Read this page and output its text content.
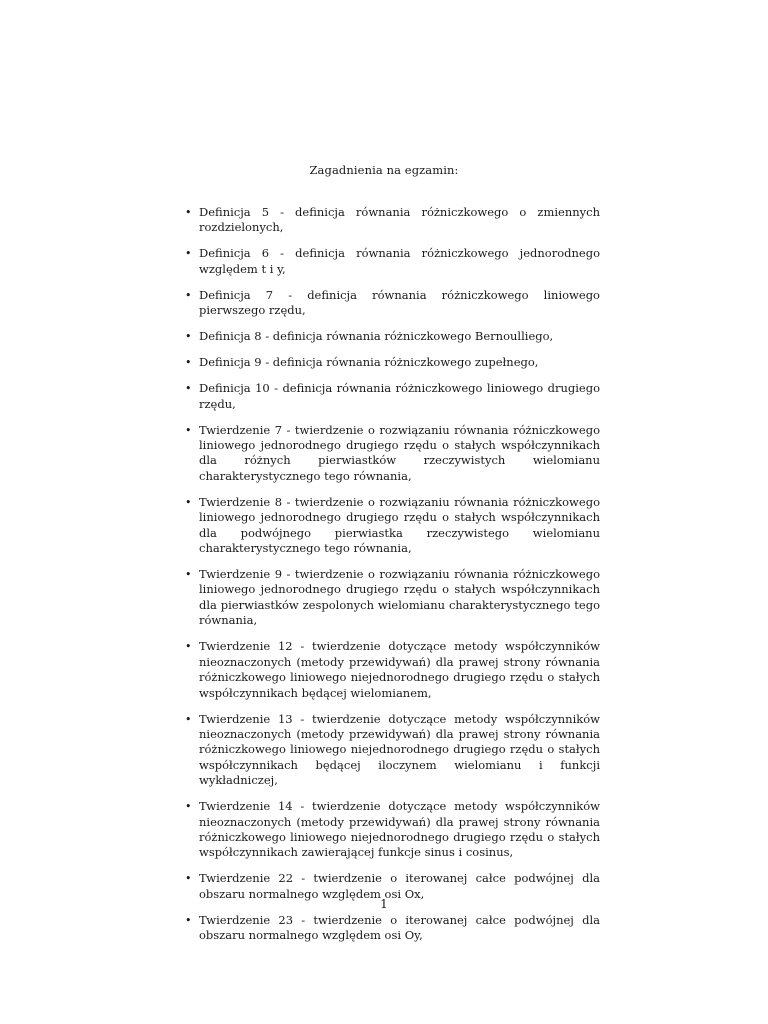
Zagadnienia na egzamin:
• Definicja 5 - definicja równania różniczkowego o zmiennych rozdzielonych,
• Definicja 6 - definicja równania różniczkowego jednorodnego względem t i y,
• Definicja 7 - definicja równania różniczkowego liniowego pierwszego rzędu,
• Definicja 8 - definicja równania różniczkowego Bernoulliego,
• Definicja 9 - definicja równania różniczkowego zupełnego,
• Definicja 10 - definicja równania różniczkowego liniowego drugiego rzędu,
• Twierdzenie 7 - twierdzenie o rozwiązaniu równania różniczkowego liniowego jednorodnego drugiego rzędu o stałych współczynnikach dla różnych pierwiastków rzeczywistych wielomianu charakterystycznego tego równania,
• Twierdzenie 8 - twierdzenie o rozwiązaniu równania różniczkowego liniowego jednorodnego drugiego rzędu o stałych współczynnikach dla podwójnego pierwiastka rzeczywistego wielomianu charakterystycznego tego równania,
• Twierdzenie 9 - twierdzenie o rozwiązaniu równania różniczkowego liniowego jednorodnego drugiego rzędu o stałych współczynnikach dla pierwiastków zespolonych wielomianu charakterystycznego tego równania,
• Twierdzenie 12 - twierdzenie dotyczące metody współczynników nieoznaczonych (metody przewidywań) dla prawej strony równania różniczkowego liniowego niejednorodnego drugiego rzędu o stałych współczynnikach będącej wielomianem,
• Twierdzenie 13 - twierdzenie dotyczące metody współczynników nieoznaczonych (metody przewidywań) dla prawej strony równania różniczkowego liniowego niejednorodnego drugiego rzędu o stałych współczynnikach będącej iloczynem wielomianu i funkcji wykładniczej,
• Twierdzenie 14 - twierdzenie dotyczące metody współczynników nieoznaczonych (metody przewidywań) dla prawej strony równania różniczkowego liniowego niejednorodnego drugiego rzędu o stałych współczynnikach zawierającej funkcje sinus i cosinus,
• Twierdzenie 22 - twierdzenie o iterowanej całce podwójnej dla obszaru normalnego względem osi Ox,
• Twierdzenie 23 - twierdzenie o iterowanej całce podwójnej dla obszaru normalnego względem osi Oy,
1
